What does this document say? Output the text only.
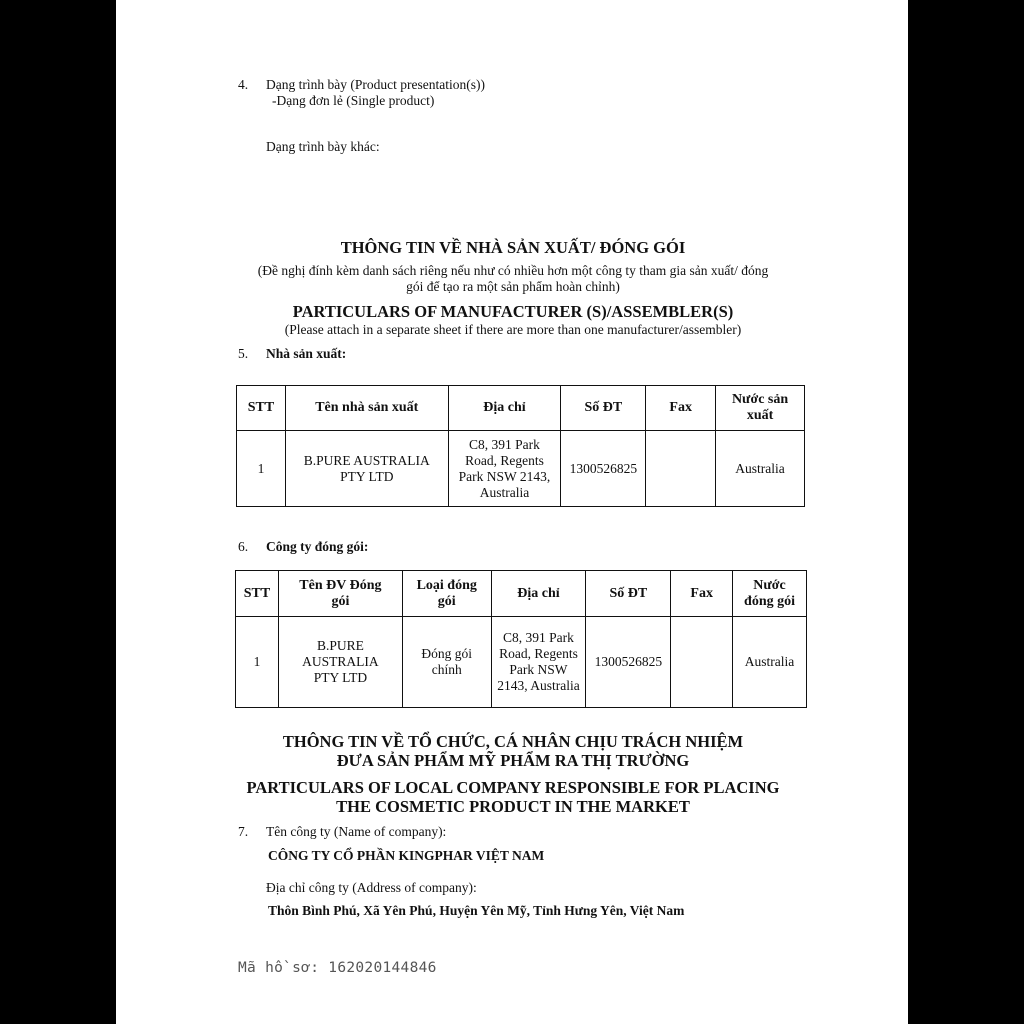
4. Dạng trình bày (Product presentation(s))
-Dạng đơn lẻ (Single product)
Dạng trình bày khác:
THÔNG TIN VỀ NHÀ SẢN XUẤT/ ĐÓNG GÓI
(Đề nghị đính kèm danh sách riêng nếu như có nhiều hơn một công ty tham gia sản xuất/ đóng
gói để tạo ra một sản phẩm hoàn chỉnh)
PARTICULARS OF MANUFACTURER (S)/ASSEMBLER(S)
(Please attach in a separate sheet if there are more than one manufacturer/assembler)
5. Nhà sản xuất:
STT	Tên nhà sản xuất	Địa chỉ	Số ĐT	Fax	Nước sản xuất
1	B.PURE AUSTRALIA PTY LTD	C8, 391 Park Road, Regents Park NSW 2143, Australia	1300526825		Australia
6. Công ty đóng gói:
STT	Tên ĐV Đóng gói	Loại đóng gói	Địa chỉ	Số ĐT	Fax	Nước đóng gói
1	B.PURE AUSTRALIA PTY LTD	Đóng gói chính	C8, 391 Park Road, Regents Park NSW 2143, Australia	1300526825		Australia
THÔNG TIN VỀ TỔ CHỨC, CÁ NHÂN CHỊU TRÁCH NHIỆM
ĐƯA SẢN PHẨM MỸ PHẨM RA THỊ TRƯỜNG
PARTICULARS OF LOCAL COMPANY RESPONSIBLE FOR PLACING
THE COSMETIC PRODUCT IN THE MARKET
7. Tên công ty (Name of company):
CÔNG TY CỔ PHẦN KINGPHAR VIỆT NAM
Địa chỉ công ty (Address of company):
Thôn Bình Phú, Xã Yên Phú, Huyện Yên Mỹ, Tỉnh Hưng Yên, Việt Nam
Mã hồ sơ: 162020144846
